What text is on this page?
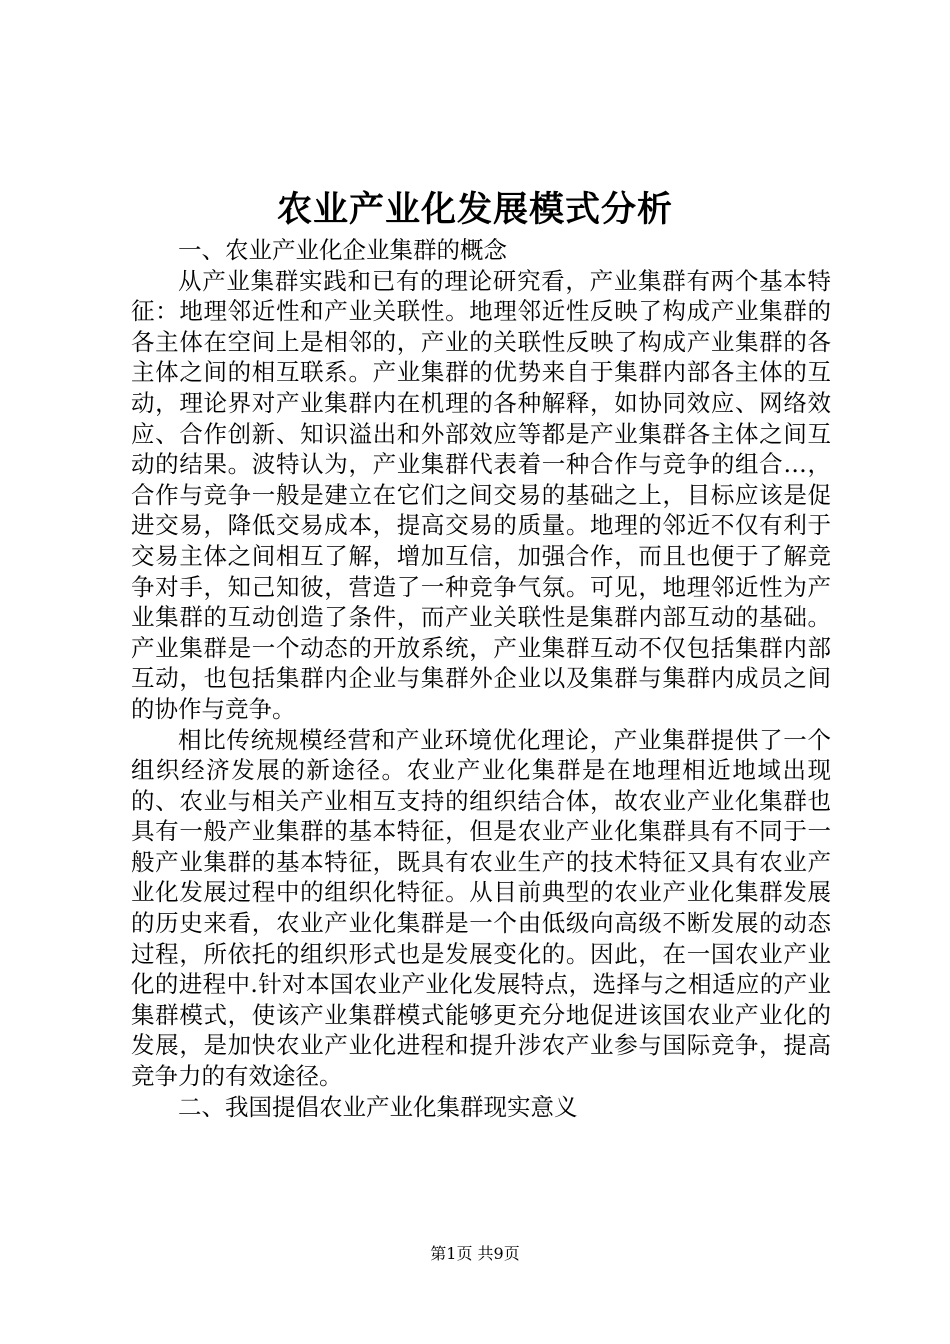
农业产业化发展模式分析

一、农业产业化企业集群的概念

从产业集群实践和已有的理论研究看，产业集群有两个基本特征：地理邻近性和产业关联性。地理邻近性反映了构成产业集群的各主体在空间上是相邻的，产业的关联性反映了构成产业集群的各主体之间的相互联系。产业集群的优势来自于集群内部各主体的互动，理论界对产业集群内在机理的各种解释，如协同效应、网络效应、合作创新、知识溢出和外部效应等都是产业集群各主体之间互动的结果。波特认为，产业集群代表着一种合作与竞争的组合…，合作与竞争一般是建立在它们之间交易的基础之上，目标应该是促进交易，降低交易成本，提高交易的质量。地理的邻近不仅有利于交易主体之间相互了解，增加互信，加强合作，而且也便于了解竞争对手，知己知彼，营造了一种竞争气氛。可见，地理邻近性为产业集群的互动创造了条件，而产业关联性是集群内部互动的基础。产业集群是一个动态的开放系统，产业集群互动不仅包括集群内部互动，也包括集群内企业与集群外企业以及集群与集群内成员之间的协作与竞争。

相比传统规模经营和产业环境优化理论，产业集群提供了一个组织经济发展的新途径。农业产业化集群是在地理相近地域出现的、农业与相关产业相互支持的组织结合体，故农业产业化集群也具有一般产业集群的基本特征，但是农业产业化集群具有不同于一般产业集群的基本特征，既具有农业生产的技术特征又具有农业产业化发展过程中的组织化特征。从目前典型的农业产业化集群发展的历史来看，农业产业化集群是一个由低级向高级不断发展的动态过程，所依托的组织形式也是发展变化的。因此，在一国农业产业化的进程中.针对本国农业产业化发展特点，选择与之相适应的产业集群模式，使该产业集群模式能够更充分地促进该国农业产业化的发展，是加快农业产业化进程和提升涉农产业参与国际竞争，提高竞争力的有效途径。

二、我国提倡农业产业化集群现实意义

第1页 共9页
